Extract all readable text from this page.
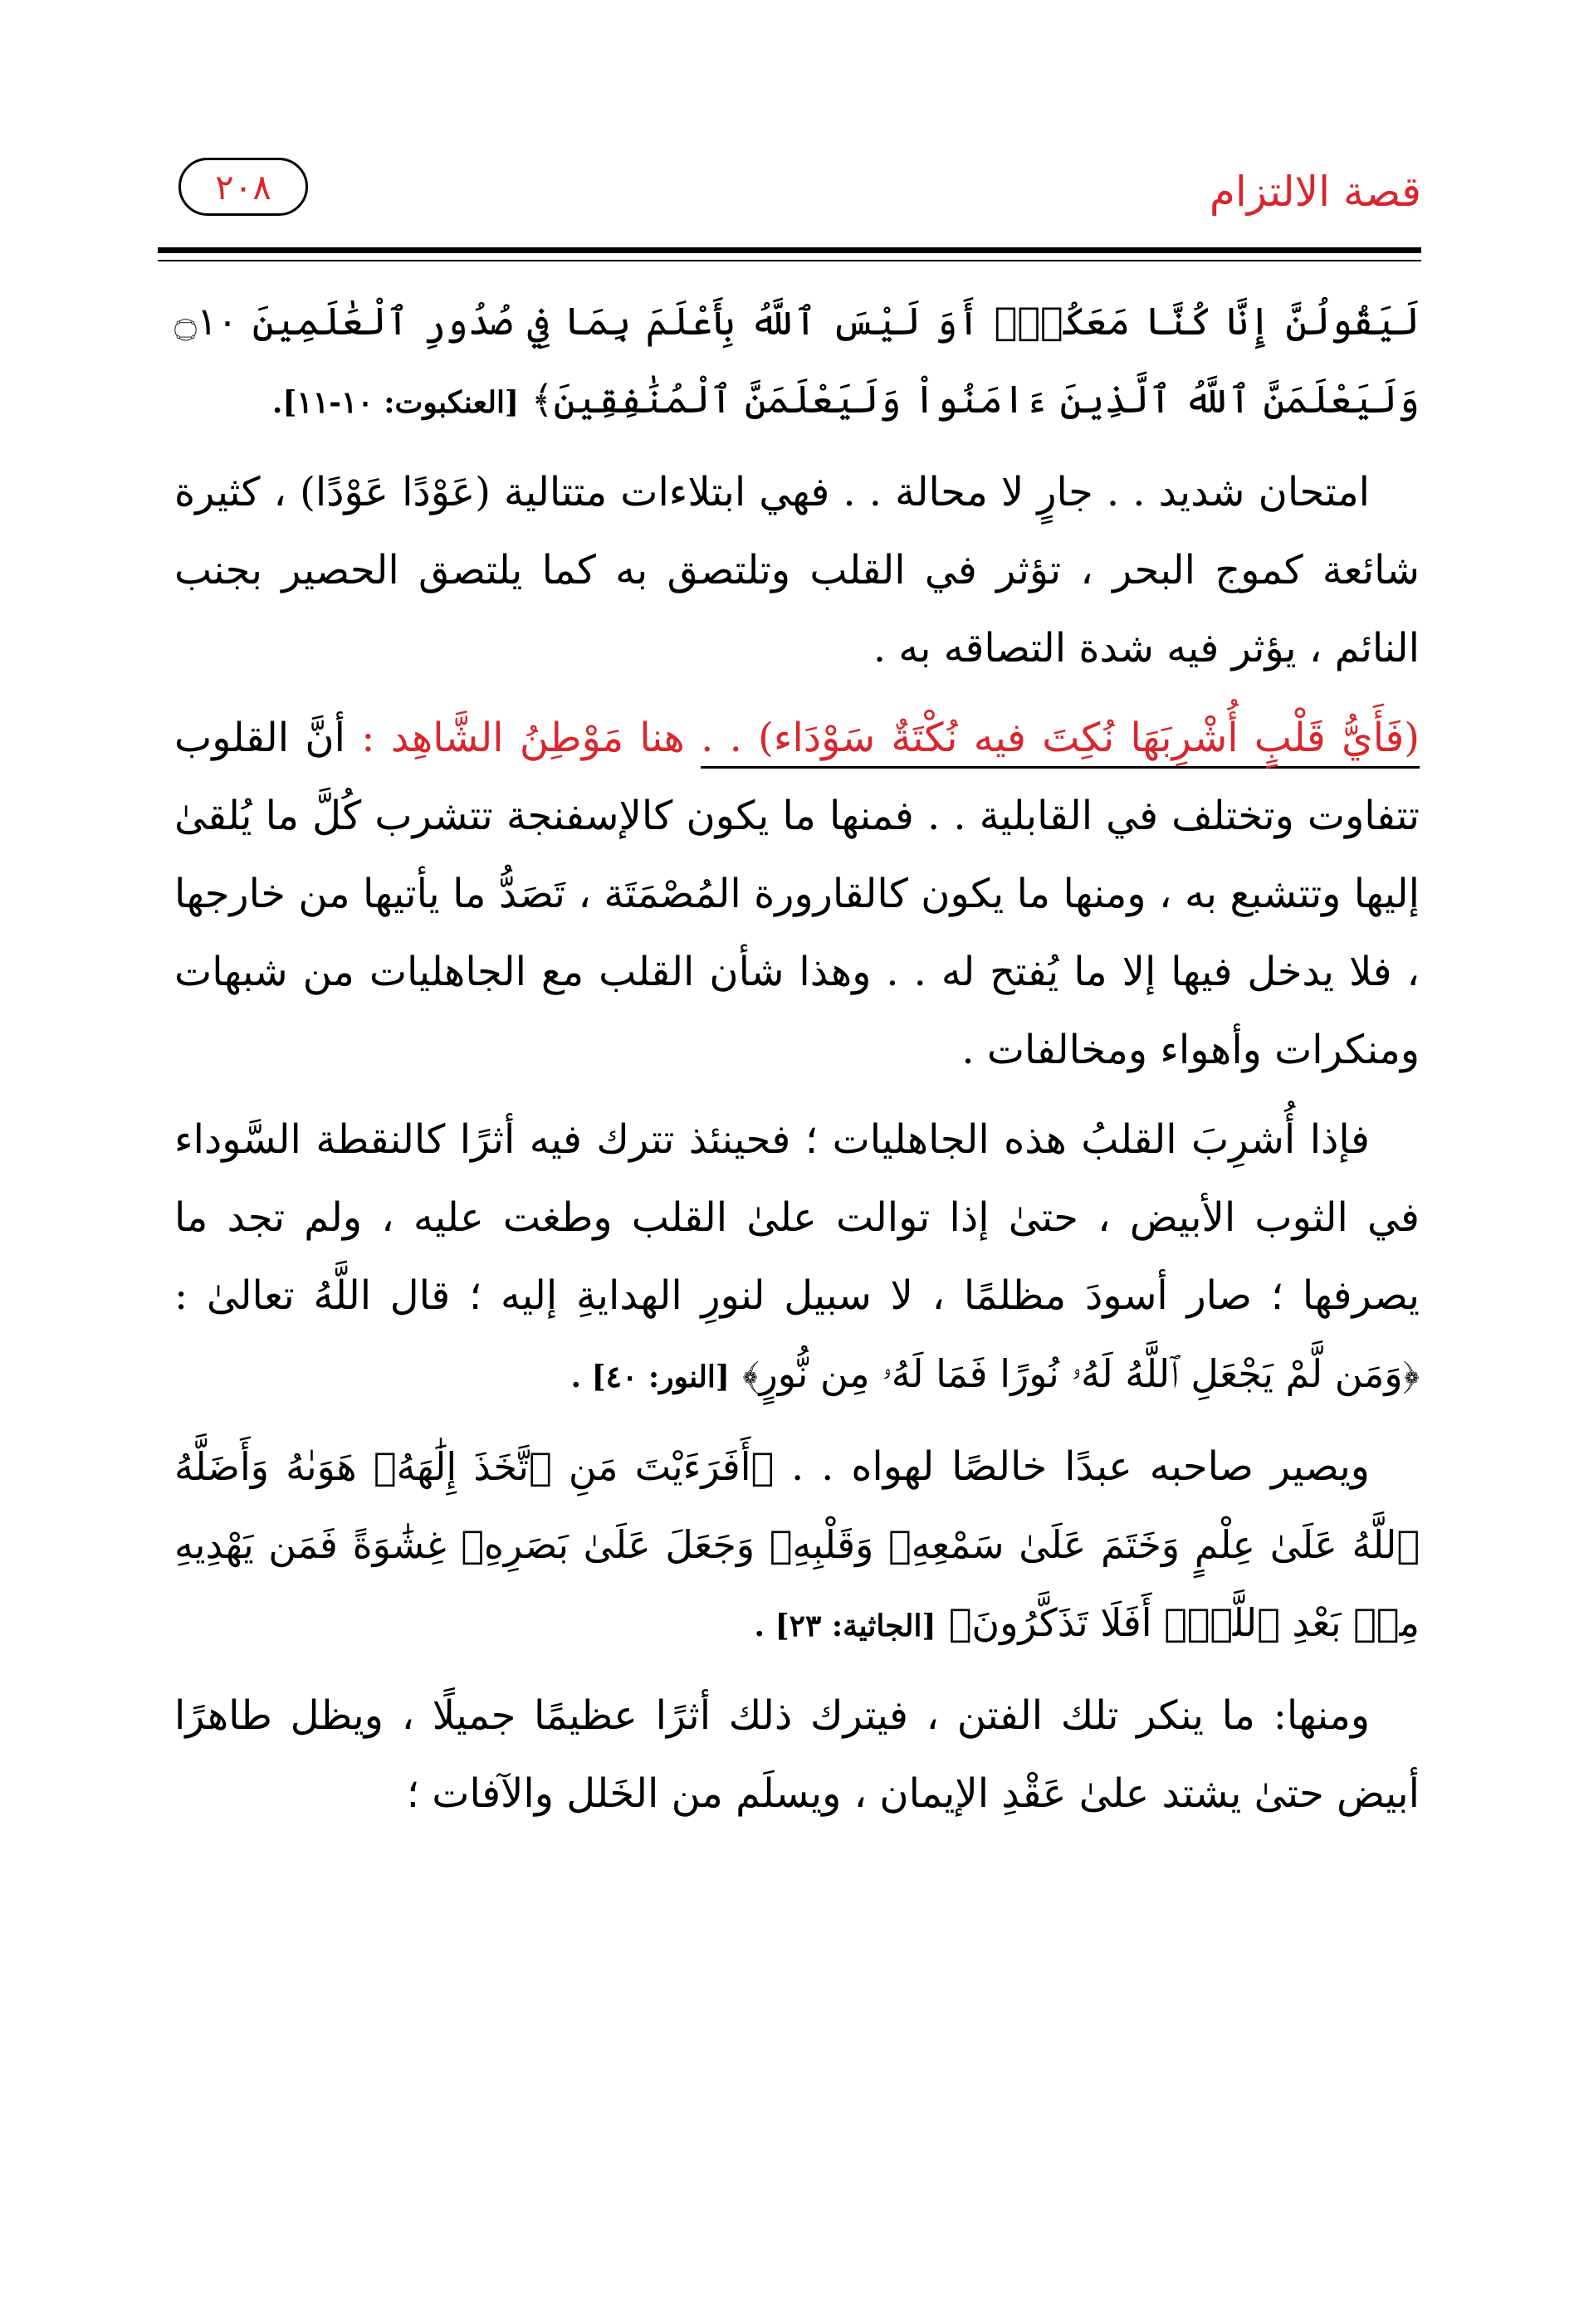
قصة الالتزام
٢٠٨

لَيَقُولُنَّ إِنَّا كُنَّا مَعَكُمْۚ أَوَ لَيْسَ ٱللَّهُ بِأَعْلَمَ بِمَا فِي صُدُورِ ٱلْعَٰلَمِينَ ۝١٠ وَلَيَعْلَمَنَّ ٱللَّهُ ٱلَّذِينَ ءَامَنُواْ وَلَيَعْلَمَنَّ ٱلْمُنَٰفِقِينَ﴾ [العنكبوت: ١٠-١١].

امتحان شديد . . جارٍ لا محالة . . فهي ابتلاءات متتالية (عَوْدًا عَوْدًا) ، كثيرة شائعة كموج البحر ، تؤثر في القلب وتلتصق به كما يلتصق الحصير بجنب النائم ، يؤثر فيه شدة التصاقه به .

(فَأَيُّ قَلْبٍ أُشْرِبَهَا نُكِتَ فيه نُكْتَةٌ سَوْدَاء) . . هنا مَوْطِنُ الشَّاهِد : أنَّ القلوب تتفاوت وتختلف في القابلية . . فمنها ما يكون كالإسفنجة تتشرب كُلَّ ما يُلقىٰ إليها وتتشبع به ، ومنها ما يكون كالقارورة المُصْمَتَة ، تَصَدُّ ما يأتيها من خارجها ، فلا يدخل فيها إلا ما يُفتح له . . وهذا شأن القلب مع الجاهليات من شبهات ومنكرات وأهواء ومخالفات .

فإذا أُشرِبَ القلبُ هذه الجاهليات ؛ فحينئذ تترك فيه أثرًا كالنقطة السَّوداء في الثوب الأبيض ، حتىٰ إذا توالت علىٰ القلب وطغت عليه ، ولم تجد ما يصرفها ؛ صار أسودَ مظلمًا ، لا سبيل لنورِ الهدايةِ إليه ؛ قال اللَّهُ تعالىٰ : ﴿وَمَن لَّمْ يَجْعَلِ ٱللَّهُ لَهُۥ نُورًا فَمَا لَهُۥ مِن نُّورٍ﴾ [النور: ٤٠] .

ويصير صاحبه عبدًا خالصًا لهواه . . ﴿أَفَرَءَيْتَ مَنِ ٱتَّخَذَ إِلَٰهَهُۥ هَوَىٰهُ وَأَضَلَّهُ ٱللَّهُ عَلَىٰ عِلْمٍ وَخَتَمَ عَلَىٰ سَمْعِهِۦ وَقَلْبِهِۦ وَجَعَلَ عَلَىٰ بَصَرِهِۦ غِشَٰوَةً فَمَن يَهْدِيهِ مِنۢ بَعْدِ ٱللَّهِۚ أَفَلَا تَذَكَّرُونَ﴾ [الجاثية: ٢٣] .

ومنها: ما ينكر تلك الفتن ، فيترك ذلك أثرًا عظيمًا جميلًا ، ويظل طاهرًا أبيض حتىٰ يشتد علىٰ عَقْدِ الإيمان ، ويسلَم من الخَلل والآفات ؛
